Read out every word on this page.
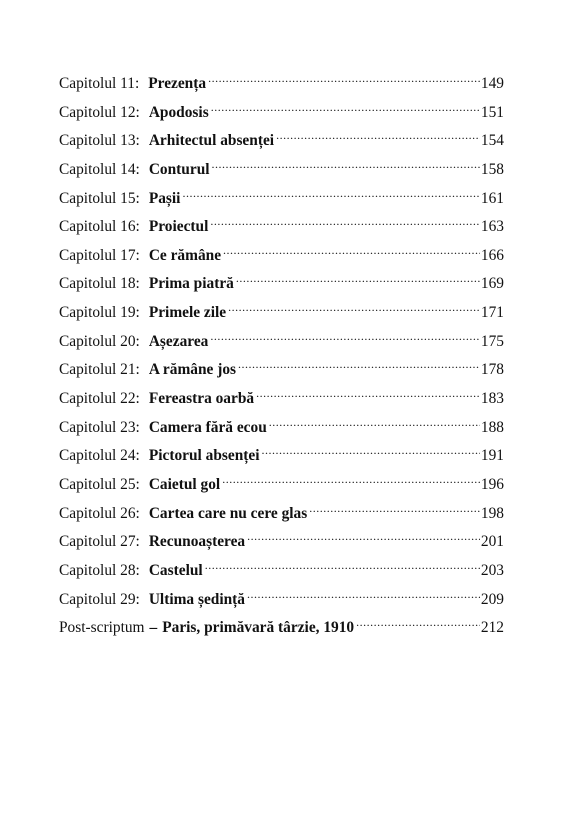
Capitolul 11: Prezența .....	149
Capitolul 12: Apodosis .....	151
Capitolul 13: Arhitectul absenței .....	154
Capitolul 14: Conturul .....	158
Capitolul 15: Pașii .....	161
Capitolul 16: Proiectul .....	163
Capitolul 17: Ce rămâne .....	166
Capitolul 18: Prima piatră .....	169
Capitolul 19: Primele zile .....	171
Capitolul 20: Așezarea .....	175
Capitolul 21: A rămâne jos .....	178
Capitolul 22: Fereastra oarbă .....	183
Capitolul 23: Camera fără ecou .....	188
Capitolul 24: Pictorul absenței .....	191
Capitolul 25: Caietul gol .....	196
Capitolul 26: Cartea care nu cere glas .....	198
Capitolul 27: Recunoașterea .....	201
Capitolul 28: Castelul .....	203
Capitolul 29: Ultima ședință .....	209
Post-scriptum – Paris, primăvară târzie, 1910 .....	212
